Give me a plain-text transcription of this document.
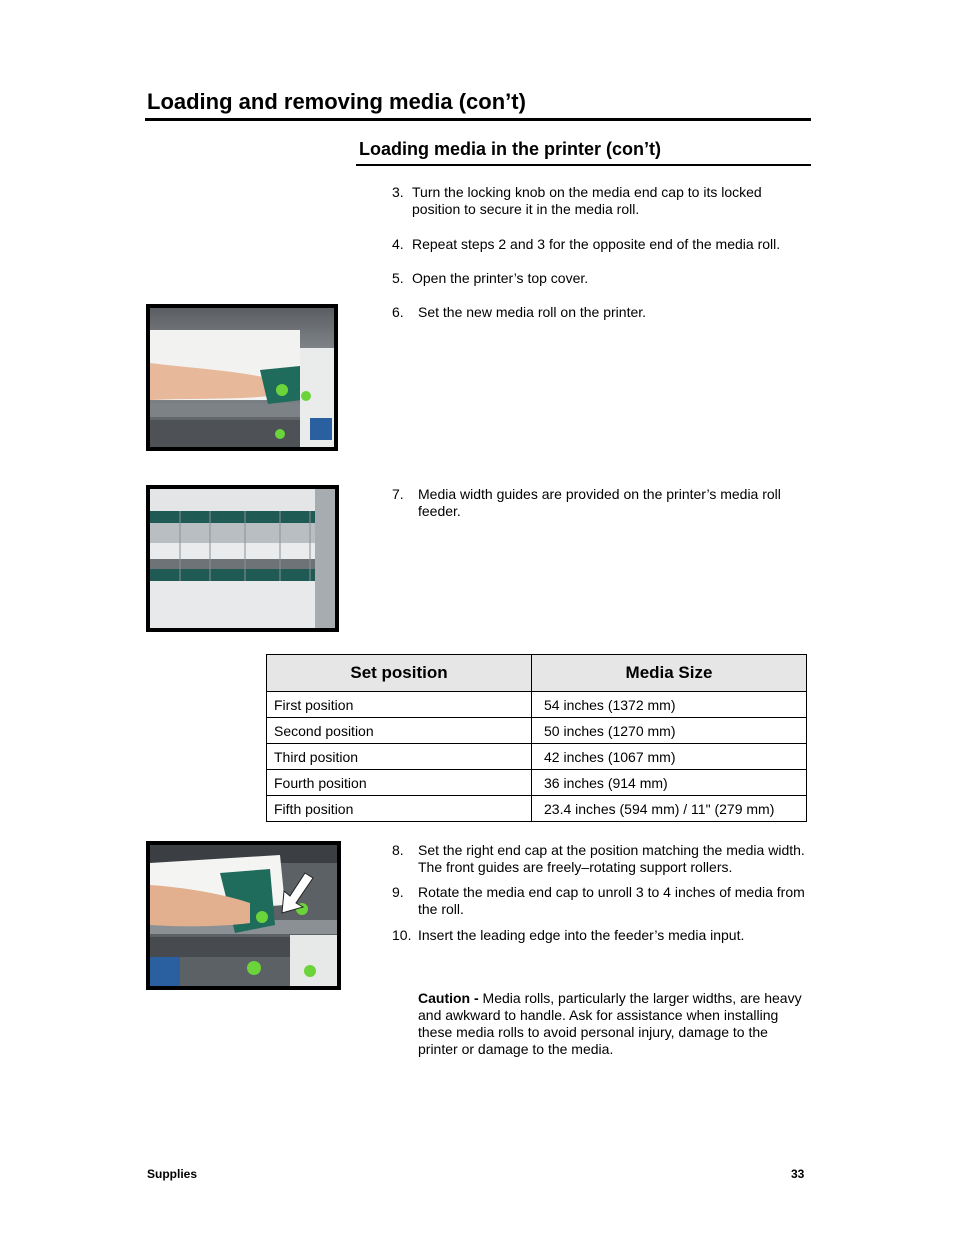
Loading and removing media (con’t)
Loading media in the printer (con’t)
3. Turn the locking knob on the media end cap to its locked position to secure it in the media roll.
4. Repeat steps 2 and 3 for the opposite end of the media roll.
5. Open the printer’s top cover.
6.	Set the new media roll on the printer.
7.	Media width guides are provided on the printer’s media roll feeder.
Set position	Media Size
First position	54 inches (1372 mm)
Second position	50 inches (1270 mm)
Third position	42 inches (1067 mm)
Fourth position	36 inches (914 mm)
Fifth position	23.4 inches (594 mm) / 11" (279 mm)
8.	Set the right end cap at the position matching the media width. The front guides are freely–rotating support rollers.
9.	Rotate the media end cap to unroll 3 to 4 inches of media from the roll.
10. Insert the leading edge into the feeder’s media input.
Caution - Media rolls, particularly the larger widths, are heavy and awkward to handle. Ask for assistance when installing these media rolls to avoid personal injury, damage to the printer or damage to the media.
Supplies	33
